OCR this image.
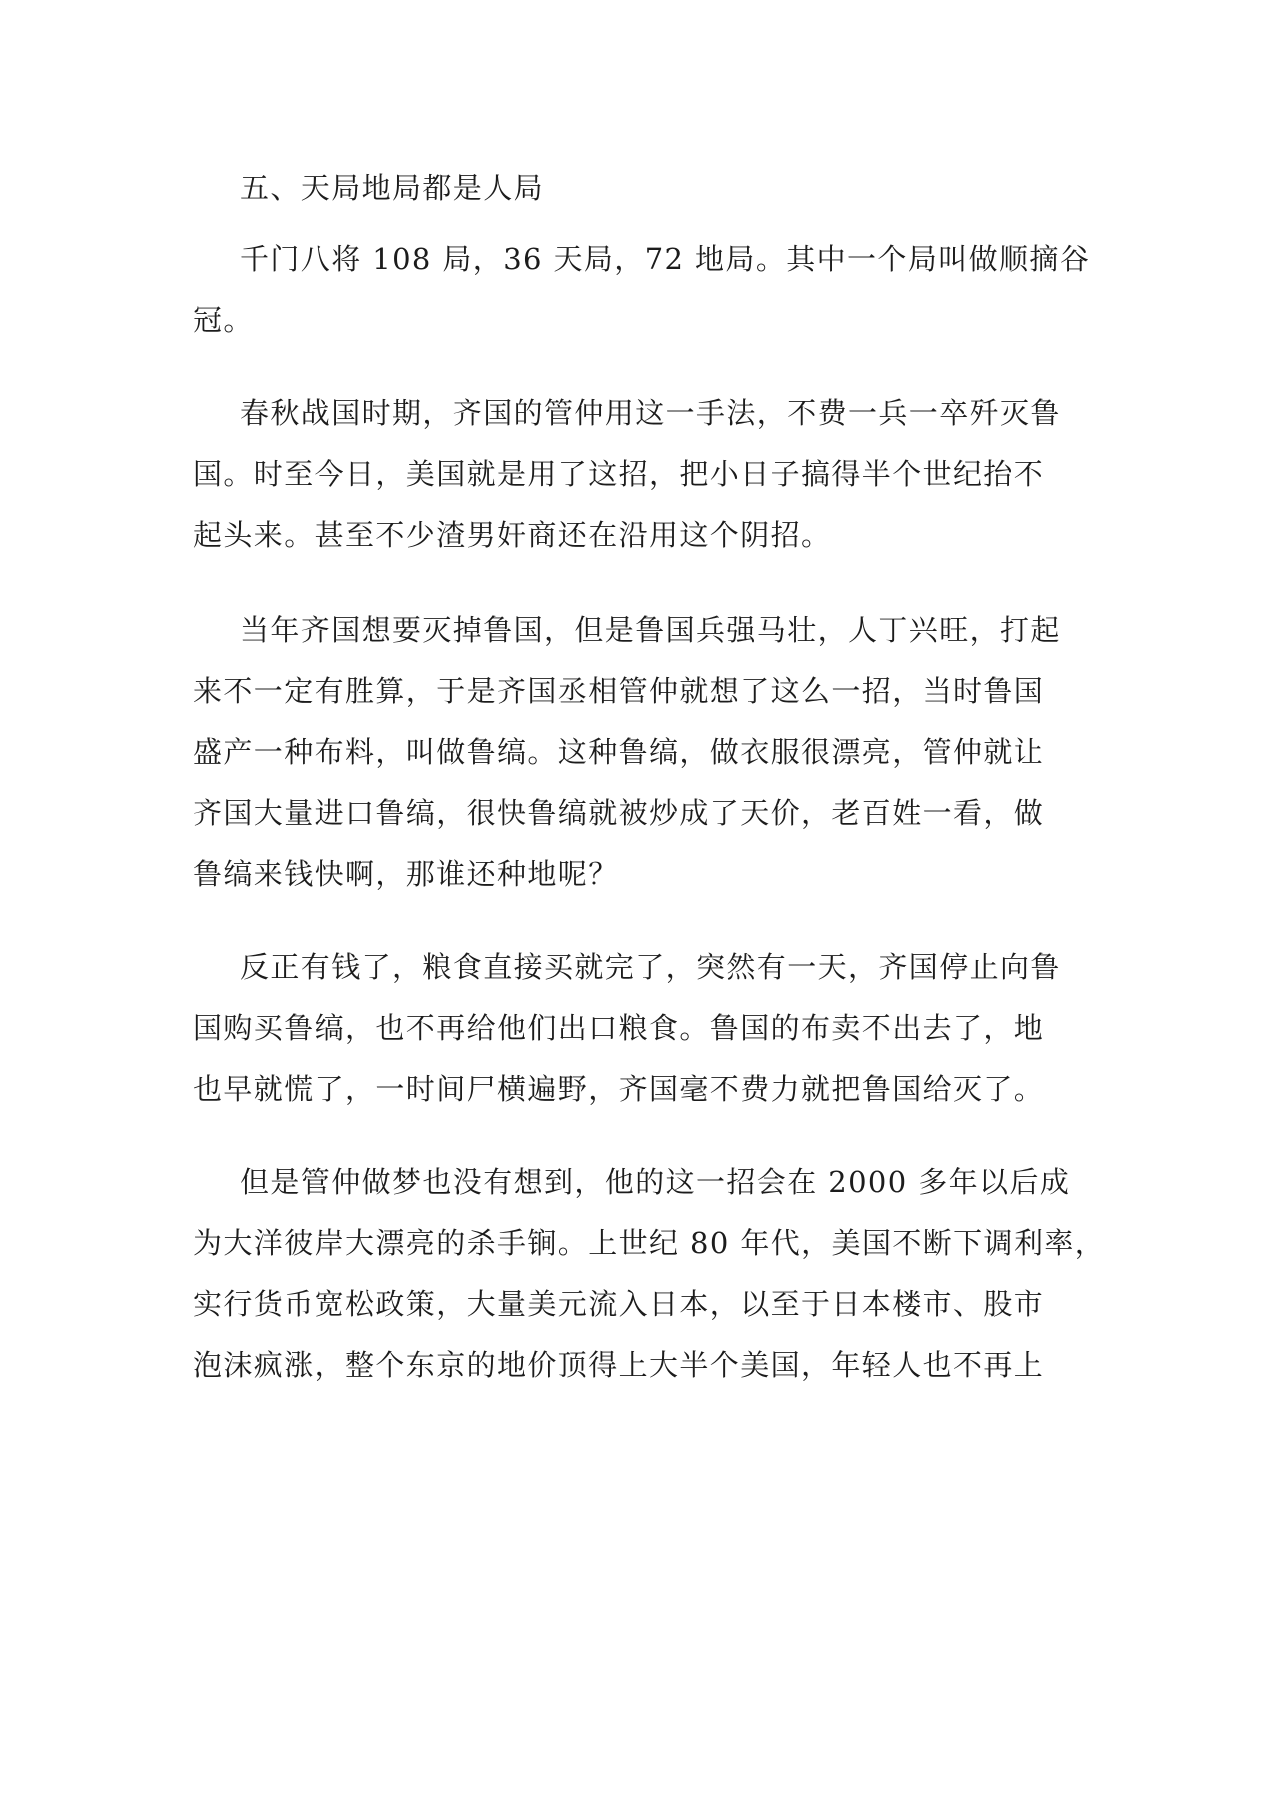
五、天局地局都是人局
千门八将 108 局，36 天局，72 地局。其中一个局叫做顺摘谷
冠。
春秋战国时期，齐国的管仲用这一手法，不费一兵一卒歼灭鲁
国。时至今日，美国就是用了这招，把小日子搞得半个世纪抬不
起头来。甚至不少渣男奸商还在沿用这个阴招。
当年齐国想要灭掉鲁国，但是鲁国兵强马壮，人丁兴旺，打起
来不一定有胜算，于是齐国丞相管仲就想了这么一招，当时鲁国
盛产一种布料，叫做鲁缟。这种鲁缟，做衣服很漂亮，管仲就让
齐国大量进口鲁缟，很快鲁缟就被炒成了天价，老百姓一看，做
鲁缟来钱快啊，那谁还种地呢？
反正有钱了，粮食直接买就完了，突然有一天，齐国停止向鲁
国购买鲁缟，也不再给他们出口粮食。鲁国的布卖不出去了，地
也早就慌了，一时间尸横遍野，齐国毫不费力就把鲁国给灭了。
但是管仲做梦也没有想到，他的这一招会在 2000 多年以后成
为大洋彼岸大漂亮的杀手锏。上世纪 80 年代，美国不断下调利率，
实行货币宽松政策，大量美元流入日本，以至于日本楼市、股市
泡沫疯涨，整个东京的地价顶得上大半个美国，年轻人也不再上
